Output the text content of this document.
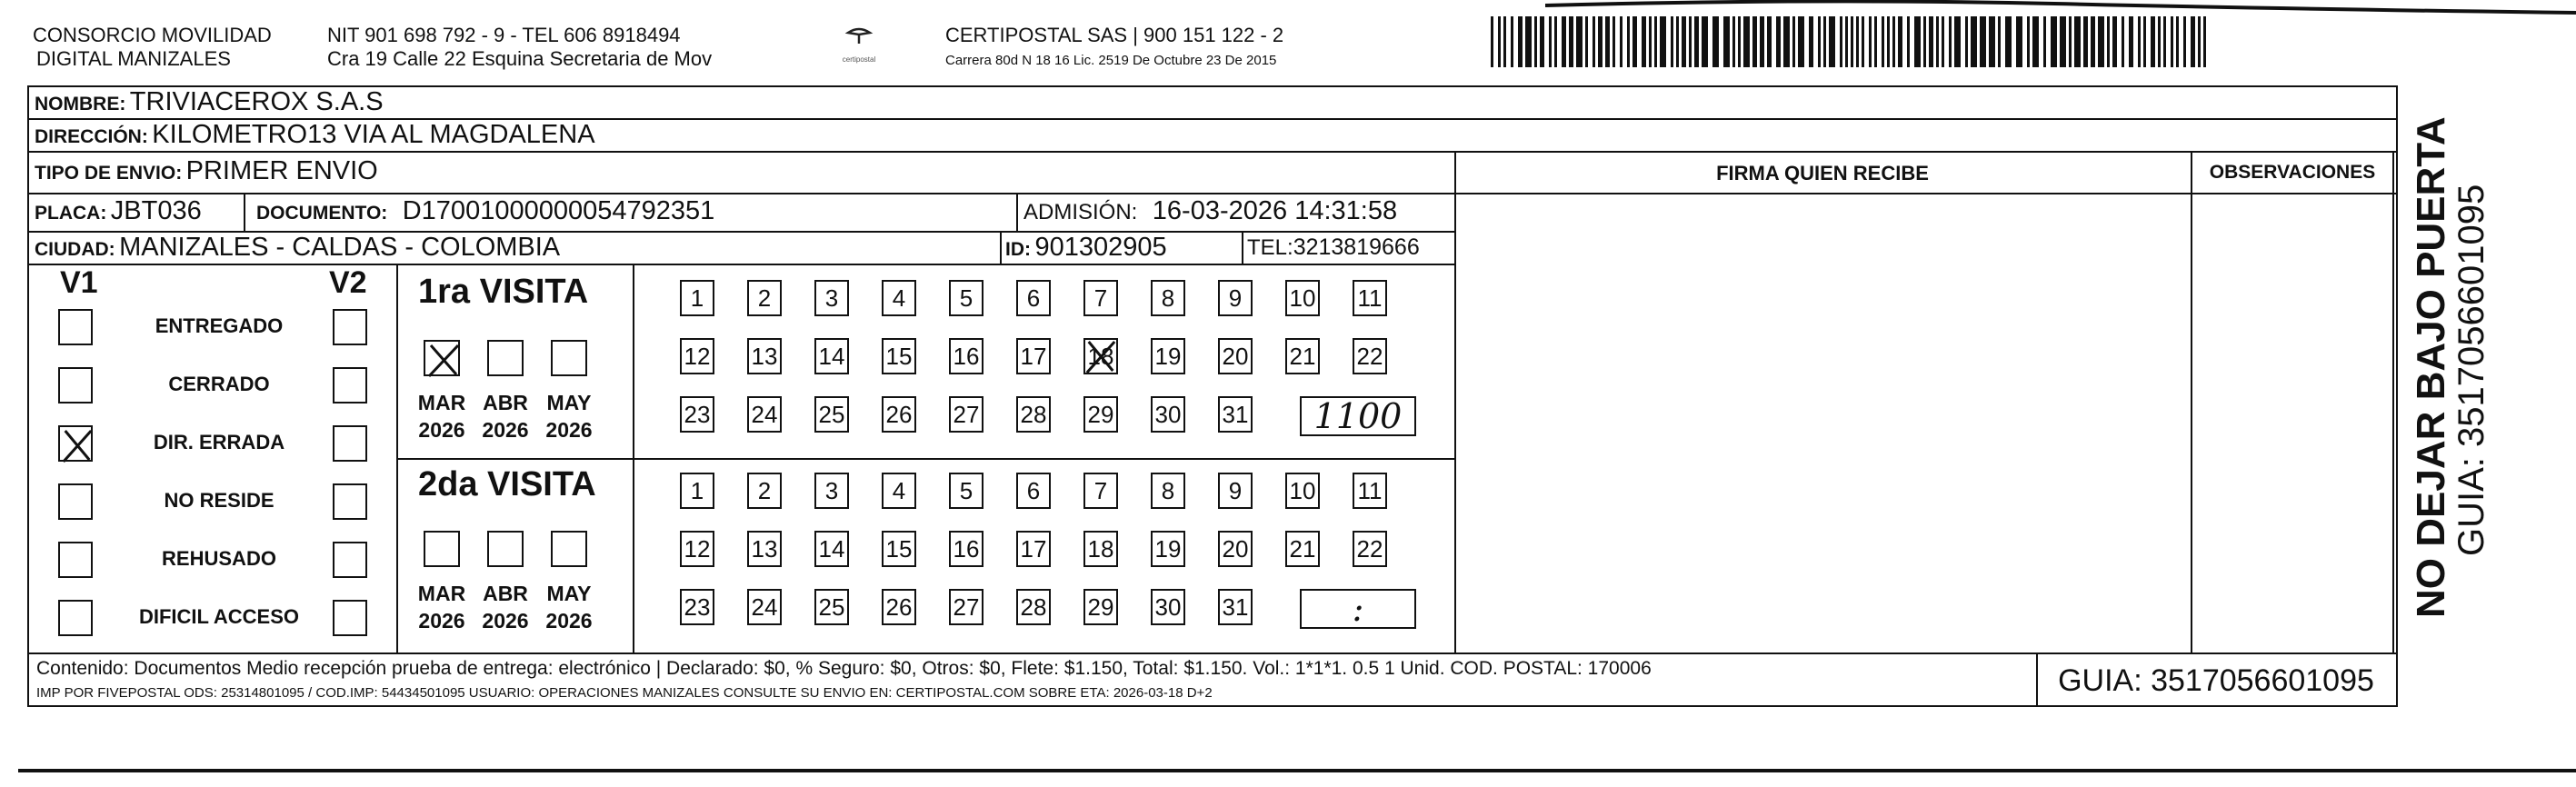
CONSORCIO MOVILIDAD
DIGITAL MANIZALES
NIT 901 698 792 - 9 - TEL 606 8918494
Cra 19 Calle 22 Esquina Secretaria de Mov	certipostal
CERTIPOSTAL SAS | 900 151 122 - 2
Carrera 80d N 18 16 Lic. 2519 De Octubre 23 De 2015
NOMBRE: TRIVIACEROX S.A.S
DIRECCIÓN: KILOMETRO13 VIA AL MAGDALENA
TIPO DE ENVIO: PRIMER ENVIO	FIRMA QUIEN RECIBE	OBSERVACIONES
PLACA: JBT036	DOCUMENTO: D17001000000054792351	ADMISIÓN: 16-03-2026 14:31:58
CIUDAD: MANIZALES - CALDAS - COLOMBIA	ID: 901302905	TEL:3213819666
V1	V2
ENTREGADO
CERRADO
DIR. ERRADA
NO RESIDE
REHUSADO
DIFICIL ACCESO
1ra VISITA
MAR
2026
ABR
2026
MAY
2026
1	2	3	4	5	6	7	8	9	10 11
12 13 14 15 16 17 18 19 20 21 22
23 24 25 26 27 28 29 30 31	1100
2da VISITA
MAR
2026
ABR
2026
MAY
2026
1	2	3	4	5	6	7	8	9	10 11
12 13 14 15 16 17 18 19 20 21 22
23 24 25 26 27 28 29 30 31	:
Contenido: Documentos Medio recepción prueba de entrega: electrónico | Declarado: $0, % Seguro: $0, Otros: $0, Flete: $1.150, Total: $1.150. Vol.: 1*1*1. 0.5 1 Unid. COD. POSTAL: 170006
IMP POR FIVEPOSTAL ODS: 25314801095 / COD.IMP: 54434501095 USUARIO: OPERACIONES MANIZALES CONSULTE SU ENVIO EN: CERTIPOSTAL.COM SOBRE ETA: 2026-03-18 D+2	GUIA: 3517056601095
NO DEJAR BAJO PUERTA
GUIA: 3517056601095
